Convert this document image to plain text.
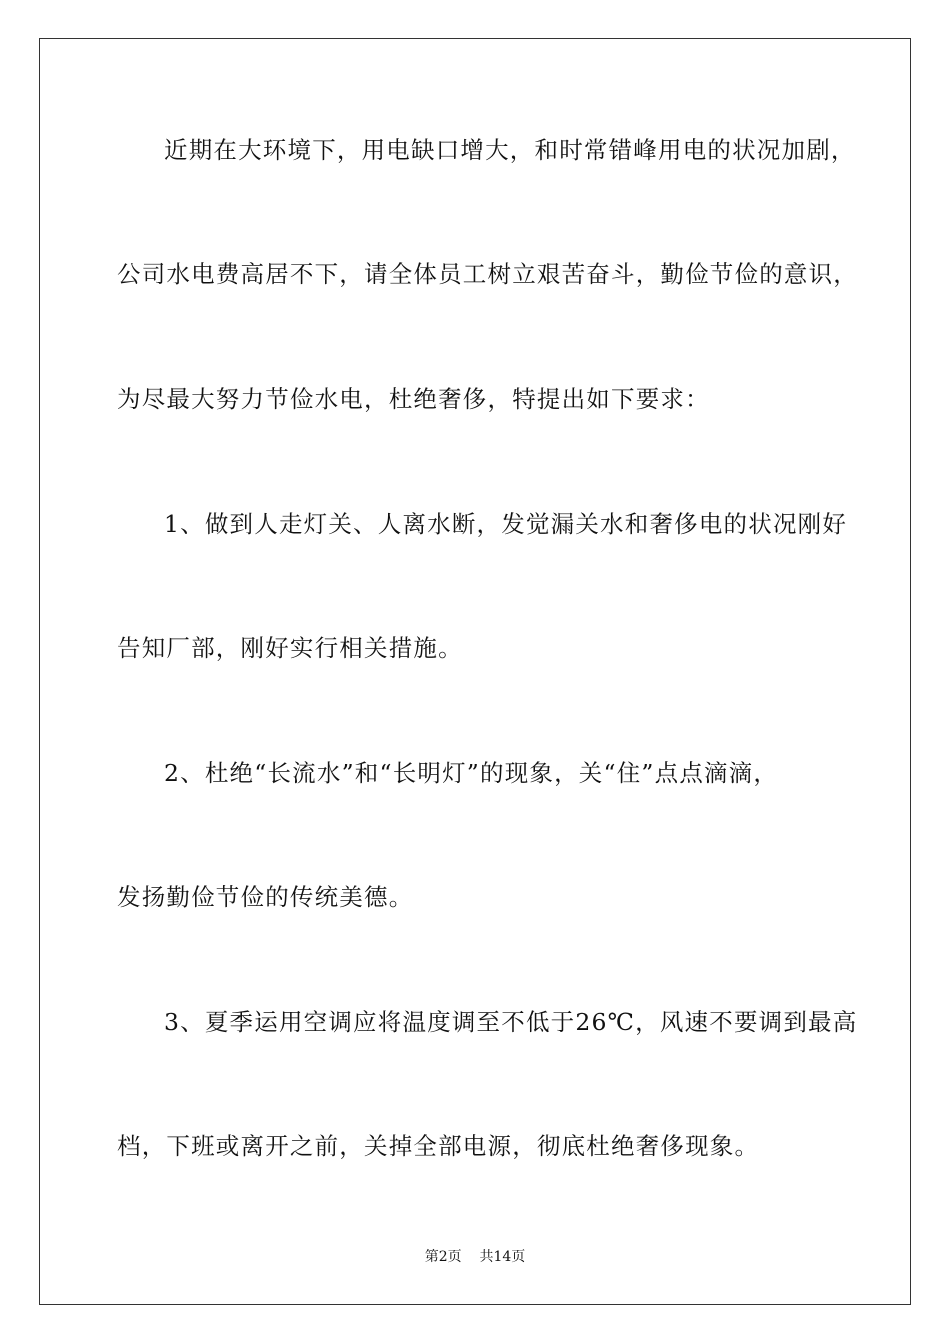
近期在大环境下，用电缺口增大，和时常错峰用电的状况加剧，
公司水电费高居不下，请全体员工树立艰苦奋斗，勤俭节俭的意识，
为尽最大努力节俭水电，杜绝奢侈，特提出如下要求：
1、做到人走灯关、人离水断，发觉漏关水和奢侈电的状况刚好
告知厂部，刚好实行相关措施。
2、杜绝“长流水”和“长明灯”的现象，关“住”点点滴滴，
发扬勤俭节俭的传统美德。
3、夏季运用空调应将温度调至不低于26℃，风速不要调到最高
档，下班或离开之前，关掉全部电源，彻底杜绝奢侈现象。
第2页    共14页
